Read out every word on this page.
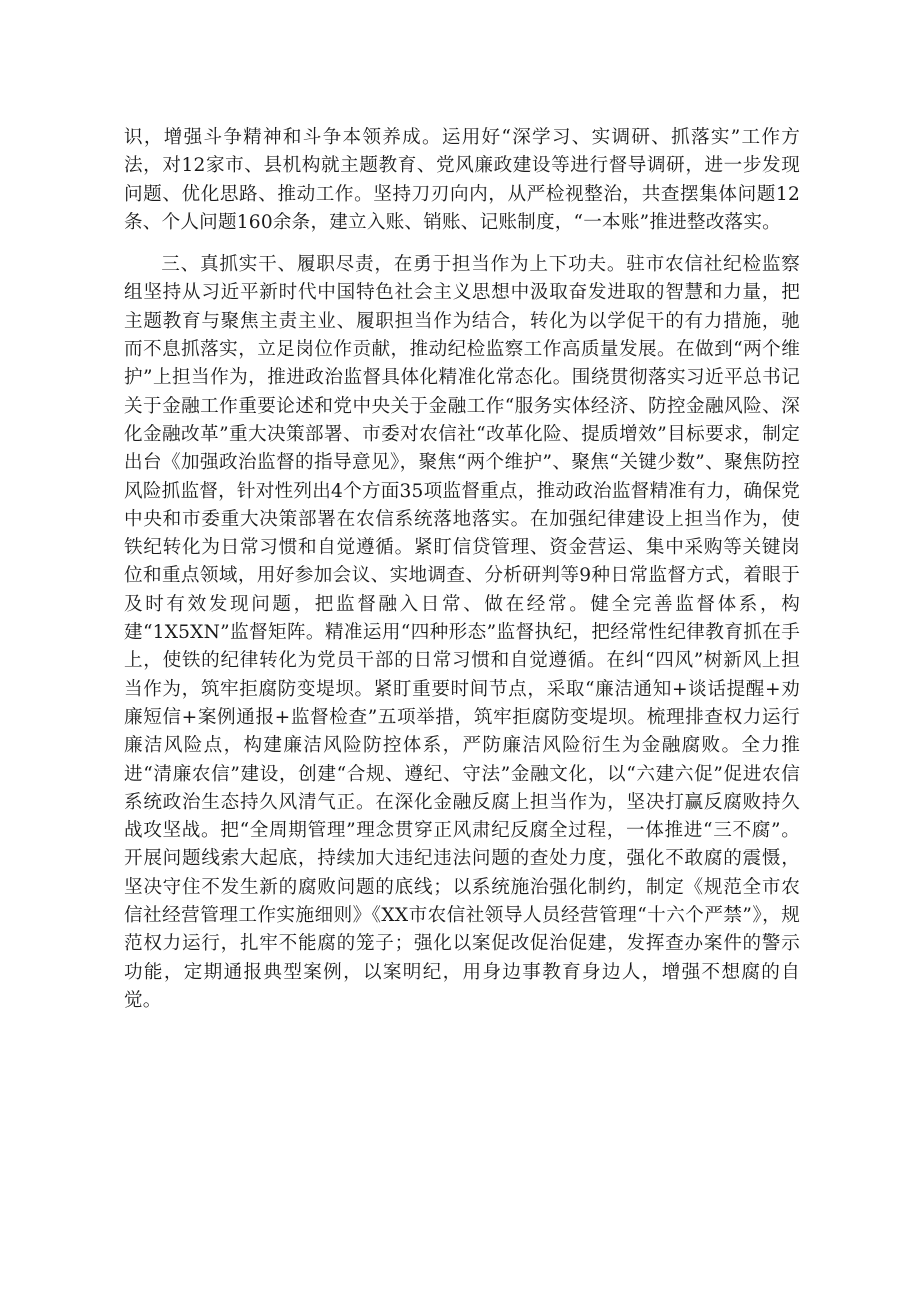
识，增强斗争精神和斗争本领养成。运用好“深学习、实调研、抓落实”工作方法，对12家市、县机构就主题教育、党风廉政建设等进行督导调研，进一步发现问题、优化思路、推动工作。坚持刀刃向内，从严检视整治，共查摆集体问题12条、个人问题160余条，建立入账、销账、记账制度，“一本账”推进整改落实。

三、真抓实干、履职尽责，在勇于担当作为上下功夫。驻市农信社纪检监察组坚持从习近平新时代中国特色社会主义思想中汲取奋发进取的智慧和力量，把主题教育与聚焦主责主业、履职担当作为结合，转化为以学促干的有力措施，驰而不息抓落实，立足岗位作贡献，推动纪检监察工作高质量发展。在做到“两个维护”上担当作为，推进政治监督具体化精准化常态化。围绕贯彻落实习近平总书记关于金融工作重要论述和党中央关于金融工作“服务实体经济、防控金融风险、深化金融改革”重大决策部署、市委对农信社“改革化险、提质增效”目标要求，制定出台《加强政治监督的指导意见》，聚焦“两个维护”、聚焦“关键少数”、聚焦防控风险抓监督，针对性列出4个方面35项监督重点，推动政治监督精准有力，确保党中央和市委重大决策部署在农信系统落地落实。在加强纪律建设上担当作为，使铁纪转化为日常习惯和自觉遵循。紧盯信贷管理、资金营运、集中采购等关键岗位和重点领域，用好参加会议、实地调查、分析研判等9种日常监督方式，着眼于及时有效发现问题，把监督融入日常、做在经常。健全完善监督体系，构建“1X5XN”监督矩阵。精准运用“四种形态”监督执纪，把经常性纪律教育抓在手上，使铁的纪律转化为党员干部的日常习惯和自觉遵循。在纠“四风”树新风上担当作为，筑牢拒腐防变堤坝。紧盯重要时间节点，采取“廉洁通知+谈话提醒+劝廉短信+案例通报+监督检查”五项举措，筑牢拒腐防变堤坝。梳理排查权力运行廉洁风险点，构建廉洁风险防控体系，严防廉洁风险衍生为金融腐败。全力推进“清廉农信”建设，创建“合规、遵纪、守法”金融文化，以“六建六促”促进农信系统政治生态持久风清气正。在深化金融反腐上担当作为，坚决打赢反腐败持久战攻坚战。把“全周期管理”理念贯穿正风肃纪反腐全过程，一体推进“三不腐”。开展问题线索大起底，持续加大违纪违法问题的查处力度，强化不敢腐的震慑，坚决守住不发生新的腐败问题的底线；以系统施治强化制约，制定《规范全市农信社经营管理工作实施细则》《XX市农信社领导人员经营管理“十六个严禁”》，规范权力运行，扎牢不能腐的笼子；强化以案促改促治促建，发挥查办案件的警示功能，定期通报典型案例，以案明纪，用身边事教育身边人，增强不想腐的自觉。
